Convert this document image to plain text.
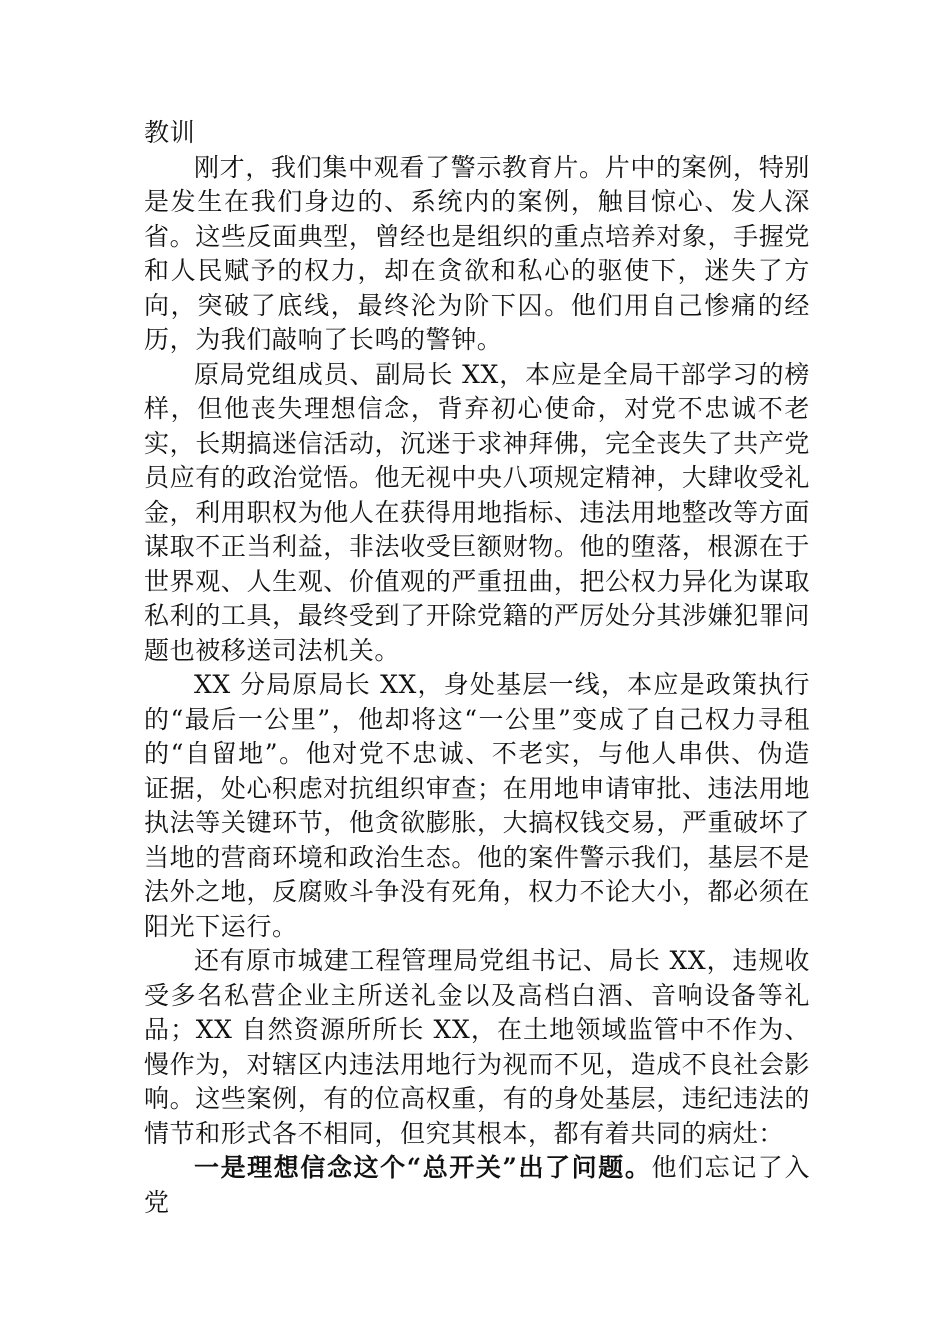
教训

刚才，我们集中观看了警示教育片。片中的案例，特别是发生在我们身边的、系统内的案例，触目惊心、发人深省。这些反面典型，曾经也是组织的重点培养对象，手握党和人民赋予的权力，却在贪欲和私心的驱使下，迷失了方向，突破了底线，最终沦为阶下囚。他们用自己惨痛的经历，为我们敲响了长鸣的警钟。

原局党组成员、副局长 XX，本应是全局干部学习的榜样，但他丧失理想信念，背弃初心使命，对党不忠诚不老实，长期搞迷信活动，沉迷于求神拜佛，完全丧失了共产党员应有的政治觉悟。他无视中央八项规定精神，大肆收受礼金，利用职权为他人在获得用地指标、违法用地整改等方面谋取不正当利益，非法收受巨额财物。他的堕落，根源在于世界观、人生观、价值观的严重扭曲，把公权力异化为谋取私利的工具，最终受到了开除党籍的严厉处分其涉嫌犯罪问题也被移送司法机关。

XX 分局原局长 XX，身处基层一线，本应是政策执行的“最后一公里”，他却将这“一公里”变成了自己权力寻租的“自留地”。他对党不忠诚、不老实，与他人串供、伪造证据，处心积虑对抗组织审查；在用地申请审批、违法用地执法等关键环节，他贪欲膨胀，大搞权钱交易，严重破坏了当地的营商环境和政治生态。他的案件警示我们，基层不是法外之地，反腐败斗争没有死角，权力不论大小，都必须在阳光下运行。

还有原市城建工程管理局党组书记、局长 XX，违规收受多名私营企业主所送礼金以及高档白酒、音响设备等礼品；XX 自然资源所所长 XX，在土地领域监管中不作为、慢作为，对辖区内违法用地行为视而不见，造成不良社会影响。这些案例，有的位高权重，有的身处基层，违纪违法的情节和形式各不相同，但究其根本，都有着共同的病灶：

一是理想信念这个“总开关”出了问题。他们忘记了入党
